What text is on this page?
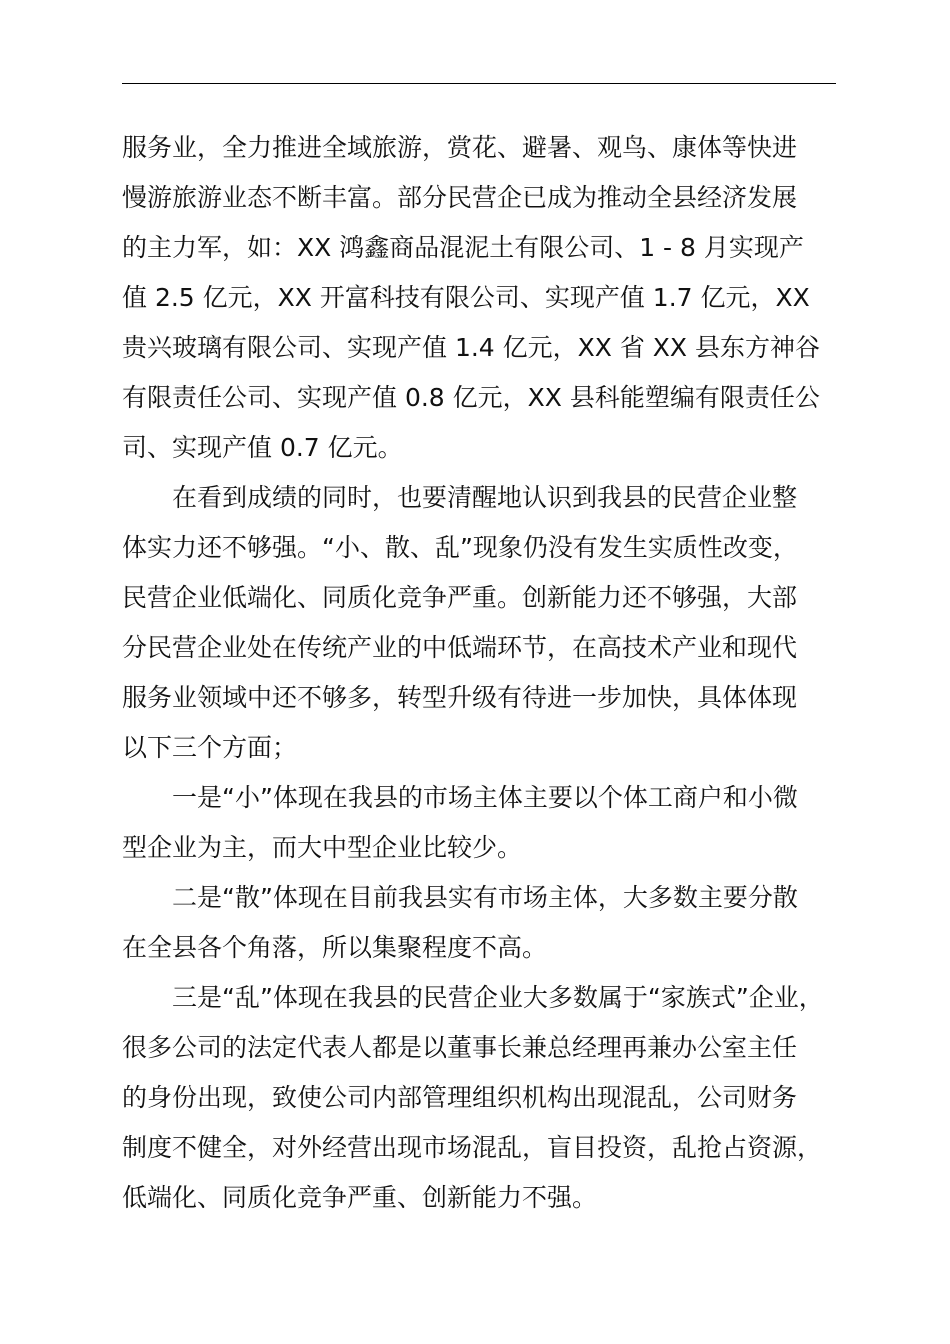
服务业，全力推进全域旅游，赏花、避暑、观鸟、康体等快进
慢游旅游业态不断丰富。部分民营企已成为推动全县经济发展
的主力军，如：XX 鸿鑫商品混泥土有限公司、1 - 8 月实现产
值 2.5 亿元，XX 开富科技有限公司、实现产值 1.7 亿元，XX
贵兴玻璃有限公司、实现产值 1.4 亿元，XX 省 XX 县东方神谷
有限责任公司、实现产值 0.8 亿元，XX 县科能塑编有限责任公
司、实现产值 0.7 亿元。
在看到成绩的同时，也要清醒地认识到我县的民营企业整
体实力还不够强。“小、散、乱”现象仍没有发生实质性改变，
民营企业低端化、同质化竞争严重。创新能力还不够强，大部
分民营企业处在传统产业的中低端环节，在高技术产业和现代
服务业领域中还不够多，转型升级有待进一步加快，具体体现
以下三个方面；
一是“小”体现在我县的市场主体主要以个体工商户和小微
型企业为主，而大中型企业比较少。
二是“散”体现在目前我县实有市场主体，大多数主要分散
在全县各个角落，所以集聚程度不高。
三是“乱”体现在我县的民营企业大多数属于“家族式”企业，
很多公司的法定代表人都是以董事长兼总经理再兼办公室主任
的身份出现，致使公司内部管理组织机构出现混乱，公司财务
制度不健全，对外经营出现市场混乱，盲目投资，乱抢占资源，
低端化、同质化竞争严重、创新能力不强。
